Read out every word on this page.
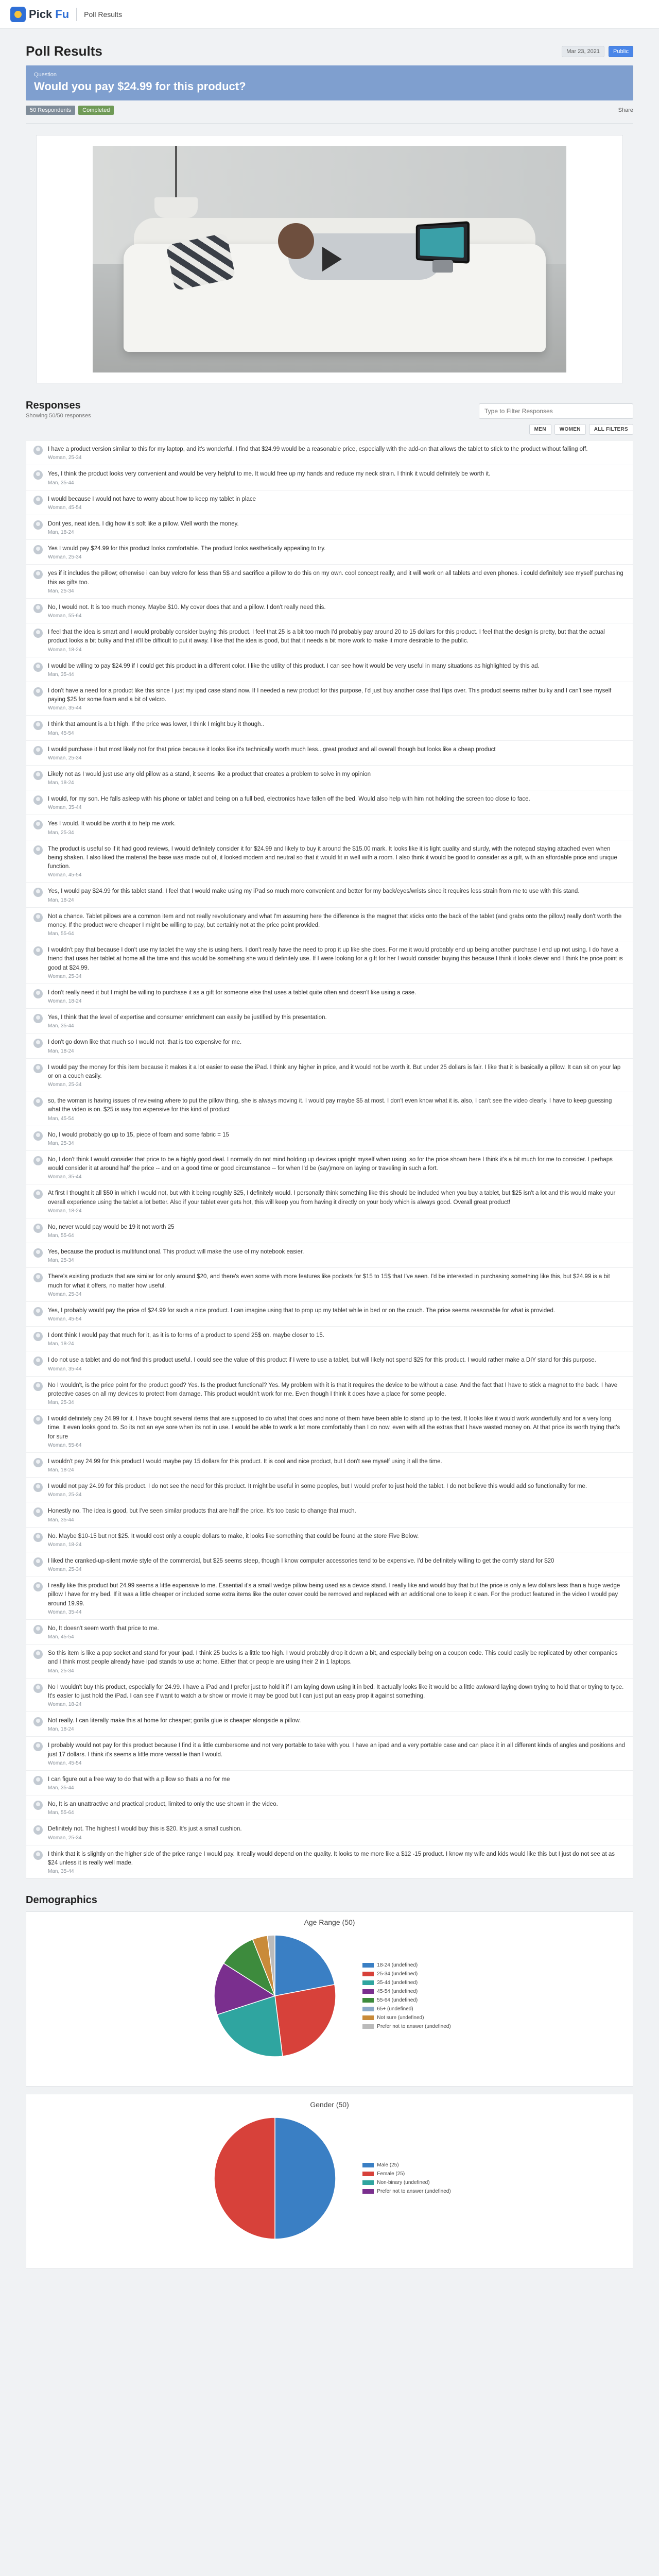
Pick Fu Poll Results
Poll Results	Mar 23, 2021	Public
Question
Would you pay $24.99 for this product?
50 Respondents	Completed	Share
Responses
Showing 50/50 responses
Type to Filter Responses
MEN	WOMEN	ALL FILTERS
I have a product version similar to this for my laptop, and it's wonderful. I find that $24.99 would be a reasonable price, especially with the add-on that allows the tablet to stick to the product without falling off.
Woman, 25-34
Yes, I think the product looks very convenient and would be very helpful to me. It would free up my hands and reduce my neck strain. I think it would definitely be worth it.
Man, 35-44
I would because I would not have to worry about how to keep my tablet in place
Woman, 45-54
Dont yes, neat idea. I dig how it's soft like a pillow. Well worth the money.
Man, 18-24
Yes I would pay $24.99 for this product looks comfortable. The product looks aesthetically appealing to try.
Woman, 25-34
yes if it includes the pillow; otherwise i can buy velcro for less than 5$ and sacrifice a pillow to do this on my own. cool concept really, and it will work on all tablets and even phones. i could definitely see myself purchasing this as gifts too.
Man, 25-34
No, I would not. It is too much money. Maybe $10. My cover does that and a pillow. I don't really need this.
Woman, 55-64
I feel that the idea is smart and I would probably consider buying this product. I feel that 25 is a bit too much I'd probably pay around 20 to 15 dollars for this product. I feel that the design is pretty, but that the actual product looks a bit bulky and that it'll be difficult to put it away. I like that the idea is good, but that it needs a bit more work to make it more desirable to the public.
Woman, 18-24
I would be willing to pay $24.99 if I could get this product in a different color. I like the utility of this product. I can see how it would be very useful in many situations as highlighted by this ad.
Man, 35-44
I don't have a need for a product like this since I just my ipad case stand now. If I needed a new product for this purpose, I'd just buy another case that flips over. This product seems rather bulky and I can't see myself paying $25 for some foam and a bit of velcro.
Woman, 35-44
I think that amount is a bit high. If the price was lower, I think I might buy it though..
Man, 45-54
I would purchase it but most likely not for that price because it looks like it's technically worth much less.. great product and all overall though but looks like a cheap product
Woman, 25-34
Likely not as I would just use any old pillow as a stand, it seems like a product that creates a problem to solve in my opinion
Man, 18-24
I would, for my son. He falls asleep with his phone or tablet and being on a full bed, electronics have fallen off the bed. Would also help with him not holding the screen too close to face.
Woman, 35-44
Yes I would. It would be worth it to help me work.
Man, 25-34
The product is useful so if it had good reviews, I would definitely consider it for $24.99 and likely to buy it around the $15.00 mark. It looks like it is light quality and sturdy, with the notepad staying attached even when being shaken. I also liked the material the base was made out of, it looked modern and neutral so that it would fit in well with a room. I also think it would be good to consider as a gift, with an affordable price and unique function.
Woman, 45-54
Yes, I would pay $24.99 for this tablet stand. I feel that I would make using my iPad so much more convenient and better for my back/eyes/wrists since it requires less strain from me to use with this stand.
Man, 18-24
Not a chance. Tablet pillows are a common item and not really revolutionary and what I'm assuming here the difference is the magnet that sticks onto the back of the tablet (and grabs onto the pillow) really don't worth the money. If the product were cheaper I might be willing to pay, but certainly not at the price point provided.
Man, 55-64
I wouldn't pay that because I don't use my tablet the way she is using hers. I don't really have the need to prop it up like she does. For me it would probably end up being another purchase I end up not using. I do have a friend that uses her tablet at home all the time and this would be something she would definitely use. If I were looking for a gift for her I would consider buying this because I think it looks clever and I think the price point is good at $24.99.
Woman, 25-34
I don't really need it but I might be willing to purchase it as a gift for someone else that uses a tablet quite often and doesn't like using a case.
Woman, 18-24
Yes, I think that the level of expertise and consumer enrichment can easily be justified by this presentation.
Man, 35-44
I don't go down like that much so I would not, that is too expensive for me.
Man, 18-24
I would pay the money for this item because it makes it a lot easier to ease the iPad. I think any higher in price, and it would not be worth it. But under 25 dollars is fair. I like that it is basically a pillow. It can sit on your lap or on a couch easily.
Woman, 25-34
so, the woman is having issues of reviewing where to put the pillow thing, she is always moving it. I would pay maybe $5 at most. I don't even know what it is. also, I can't see the video clearly. I have to keep guessing what the video is on. $25 is way too expensive for this kind of product
Man, 45-54
No, I would probably go up to 15, piece of foam and some fabric = 15
Man, 25-34
No, I don't think I would consider that price to be a highly good deal. I normally do not mind holding up devices upright myself when using, so for the price shown here I think it's a bit much for me to consider. I perhaps would consider it at around half the price -- and on a good time or good circumstance -- for when I'd be (say)more on laying or traveling in such a fort.
Woman, 35-44
At first I thought it all $50 in which I would not, but with it being roughly $25, I definitely would. I personally think something like this should be included when you buy a tablet, but $25 isn't a lot and this would make your overall experience using the tablet a lot better. Also if your tablet ever gets hot, this will keep you from having it directly on your body which is always good. Overall great product!
Woman, 18-24
No, never would pay would be 19 it not worth 25
Man, 55-64
Yes, because the product is multifunctional. This product will make the use of my notebook easier.
Man, 25-34
There's existing products that are similar for only around $20, and there's even some with more features like pockets for $15 to 15$ that I've seen. I'd be interested in purchasing something like this, but $24.99 is a bit much for what it offers, no matter how useful.
Woman, 25-34
Yes, I probably would pay the price of $24.99 for such a nice product. I can imagine using that to prop up my tablet while in bed or on the couch. The price seems reasonable for what is provided.
Woman, 45-54
I dont think I would pay that much for it, as it is to forms of a product to spend 25$ on. maybe closer to 15.
Man, 18-24
I do not use a tablet and do not find this product useful. I could see the value of this product if I were to use a tablet, but will likely not spend $25 for this product. I would rather make a DIY stand for this purpose.
Woman, 35-44
No I wouldn't, is the price point for the product good? Yes. Is the product functional? Yes. My problem with it is that it requires the device to be without a case. And the fact that I have to stick a magnet to the back. I have protective cases on all my devices to protect from damage. This product wouldn't work for me. Even though I think it does have a place for some people.
Man, 25-34
I would definitely pay 24.99 for it. I have bought several items that are supposed to do what that does and none of them have been able to stand up to the test. It looks like it would work wonderfully and for a very long time. It even looks good to. So its not an eye sore when its not in use. I would be able to work a lot more comfortably than I do now, even with all the extras that I have wasted money on. At that price its worth trying that's for sure
Woman, 55-64
I wouldn't pay 24.99 for this product I would maybe pay 15 dollars for this product. It is cool and nice product, but I don't see myself using it all the time.
Man, 18-24
I would not pay 24.99 for this product. I do not see the need for this product. It might be useful in some peoples, but I would prefer to just hold the tablet. I do not believe this would add so functionality for me.
Woman, 25-34
Honestly no. The idea is good, but I've seen similar products that are half the price. It's too basic to change that much.
Man, 35-44
No. Maybe $10-15 but not $25. It would cost only a couple dollars to make, it looks like something that could be found at the store Five Below.
Woman, 18-24
I liked the cranked-up-silent movie style of the commercial, but $25 seems steep, though I know computer accessories tend to be expensive. I'd be definitely willing to get the comfy stand for $20
Woman, 25-34
I really like this product but 24.99 seems a little expensive to me. Essential it's a small wedge pillow being used as a device stand. I really like and would buy that but the price is only a few dollars less than a huge wedge pillow I have for my bed. If it was a little cheaper or included some extra items like the outer cover could be removed and replaced with an additional one to keep it clean. For the product featured in the video I would pay around 19.99.
Woman, 35-44
No, It doesn't seem worth that price to me.
Man, 45-54
So this item is like a pop socket and stand for your ipad. I think 25 bucks is a little too high. I would probably drop it down a bit, and especially being on a coupon code. This could easily be replicated by other companies and I think most people already have ipad stands to use at home. Either that or people are using their 2 in 1 laptops.
Man, 25-34
No I wouldn't buy this product, especially for 24.99. I have a iPad and I prefer just to hold it if I am laying down using it in bed. It actually looks like it would be a little awkward laying down trying to hold that or trying to type. It's easier to just hold the iPad. I can see if want to watch a tv show or movie it may be good but I can just put an easy prop it against something.
Woman, 18-24
Not really. I can literally make this at home for cheaper; gorilla glue is cheaper alongside a pillow.
Man, 18-24
I probably would not pay for this product because I find it a little cumbersome and not very portable to take with you. I have an ipad and a very portable case and can place it in all different kinds of angles and positions and just 17 dollars. I think it's seems a little more versatile than I would.
Woman, 45-54
I can figure out a free way to do that with a pillow so thats a no for me
Man, 35-44
No, It is an unattractive and practical product, limited to only the use shown in the video.
Man, 55-64
Definitely not. The highest I would buy this is $20. It's just a small cushion.
Woman, 25-34
I think that it is slightly on the higher side of the price range I would pay. It really would depend on the quality. It looks to me more like a $12 -15 product. I know my wife and kids would like this but I just do not see at as $24 unless it is really well made.
Man, 35-44
Demographics
Age Range (50)
18-24 (undefined)
25-34 (undefined)
35-44 (undefined)
45-54 (undefined)
55-64 (undefined)
65+ (undefined)
Not sure (undefined)
Prefer not to answer (undefined)
Gender (50)
Male (25)
Female (25)
Non-binary (undefined)
Prefer not to answer (undefined)
